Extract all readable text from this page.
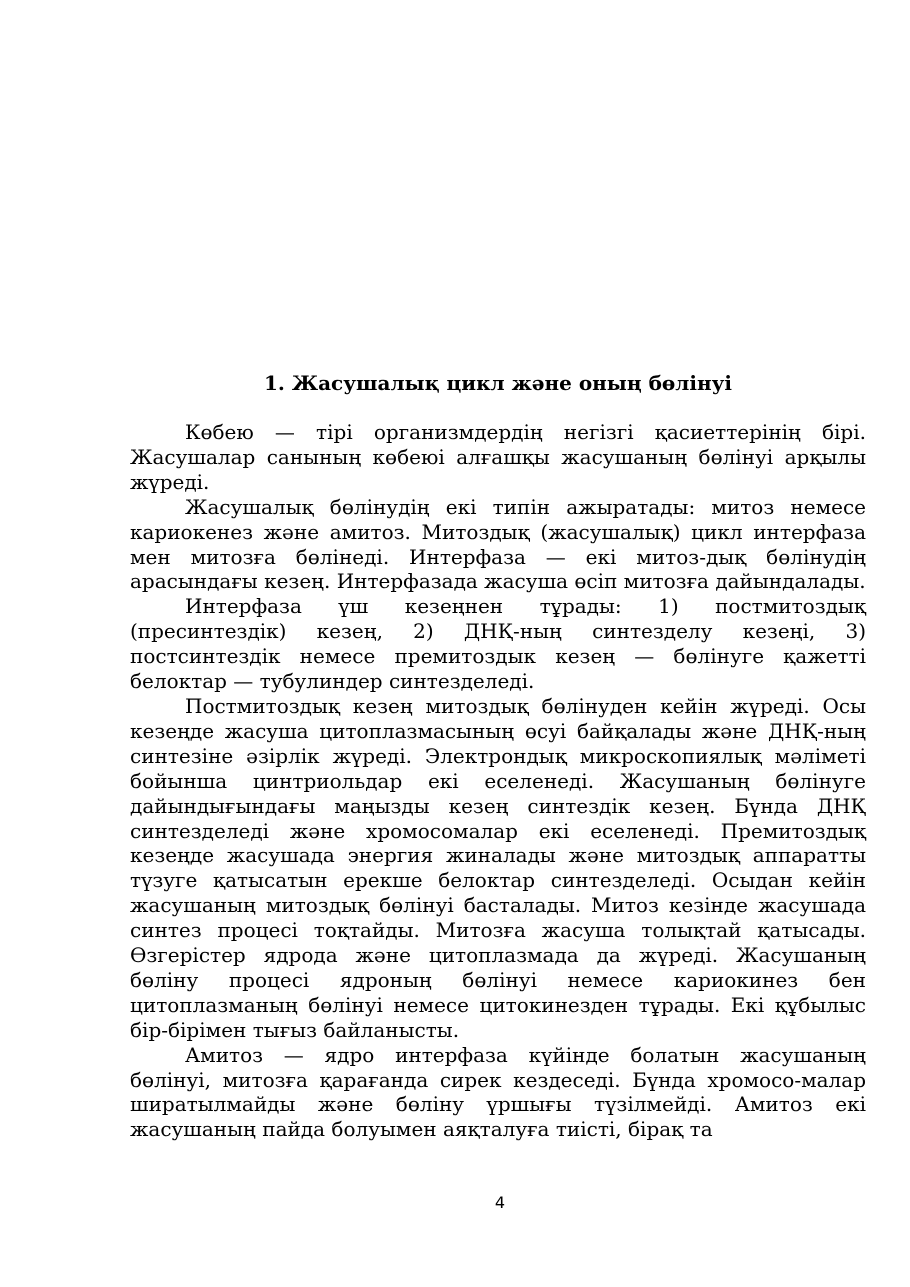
1. Жасушалық цикл және оның бөлінуі

Көбею — тірі организмдердің негізгі қасиеттерінің бірі. Жасушалар санының көбеюі алғашқы жасушаның бөлінуі арқылы жүреді.

Жасушалық бөлінудің екі типін ажыратады: митоз немесе кариокенез және амитоз. Митоздық (жасушалық) цикл интерфаза мен митозға бөлінеді. Интерфаза — екі митоз-дық бөлінудің арасындағы кезең. Интерфазада жасуша өсіп митозға дайындалады.

Интерфаза үш кезеңнен тұрады: 1) постмитоздық (пресинтездік) кезең, 2) ДНҚ-ның синтезделу кезеңі, 3) постсинтездік немесе премитоздык кезең — бөлінуге қажетті белоктар — тубулиндер синтезделеді.

Постмитоздық кезең митоздық бөлінуден кейін жүреді. Осы кезеңде жасуша цитоплазмасының өсуі байқалады және ДНҚ-ның синтезіне әзірлік жүреді. Электрондық микроскопиялық мәліметі бойынша цинтриольдар екі еселенеді. Жасушаның бөлінуге дайындығындағы маңызды кезең синтездік кезең. Бүнда ДНҚ синтезделеді және хромосомалар екі еселенеді. Премитоздық кезеңде жасушада энергия жиналады және митоздық аппаратты түзуге қатысатын ерекше белоктар синтезделеді. Осыдан кейін жасушаның митоздық бөлінуі басталады. Митоз кезінде жасушада синтез процесі тоқтайды. Митозға жасуша толықтай қатысады. Өзгерістер ядрода және цитоплазмада да жүреді. Жасушаның бөліну процесі ядроның бөлінуі немесе кариокинез бен цитоплазманың бөлінуі немесе цитокинезден тұрады. Екі құбылыс бір-бірімен тығыз байланысты.

Амитоз — ядро интерфаза күйінде болатын жасушаның бөлінуі, митозға қарағанда сирек кездеседі. Бүнда хромосо-малар ширатылмайды және бөліну үршығы түзілмейді. Амитоз екі жасушаның пайда болуымен аяқталуға тиісті, бірақ та

4
